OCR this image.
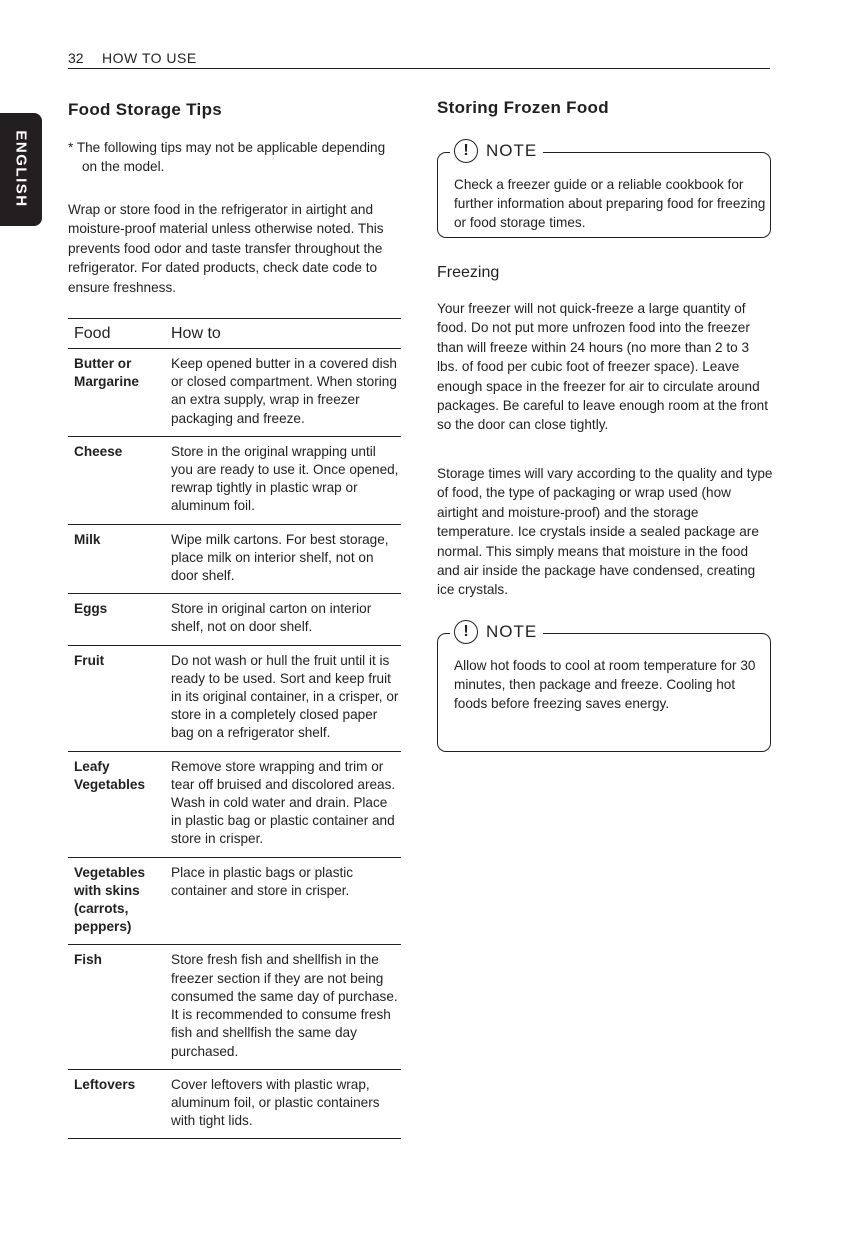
32 HOW TO USE
ENGLISH
Food Storage Tips

* The following tips may not be applicable depending on the model.

Wrap or store food in the refrigerator in airtight and moisture-proof material unless otherwise noted. This prevents food odor and taste transfer throughout the refrigerator. For dated products, check date code to ensure freshness.

Food	How to
Butter or Margarine	Keep opened butter in a covered dish or closed compartment. When storing an extra supply, wrap in freezer packaging and freeze.
Cheese	Store in the original wrapping until you are ready to use it. Once opened, rewrap tightly in plastic wrap or aluminum foil.
Milk	Wipe milk cartons. For best storage, place milk on interior shelf, not on door shelf.
Eggs	Store in original carton on interior shelf, not on door shelf.
Fruit	Do not wash or hull the fruit until it is ready to be used. Sort and keep fruit in its original container, in a crisper, or store in a completely closed paper bag on a refrigerator shelf.
Leafy Vegetables	Remove store wrapping and trim or tear off bruised and discolored areas. Wash in cold water and drain. Place in plastic bag or plastic container and store in crisper.
Vegetables with skins (carrots, peppers)	Place in plastic bags or plastic container and store in crisper.
Fish	Store fresh fish and shellfish in the freezer section if they are not being consumed the same day of purchase. It is recommended to consume fresh fish and shellfish the same day purchased.
Leftovers	Cover leftovers with plastic wrap, aluminum foil, or plastic containers with tight lids.
Storing Frozen Food
!	NOTE

Check a freezer guide or a reliable cookbook for further information about preparing food for freezing or food storage times.

Freezing

Your freezer will not quick-freeze a large quantity of food. Do not put more unfrozen food into the freezer than will freeze within 24 hours (no more than 2 to 3 lbs. of food per cubic foot of freezer space). Leave enough space in the freezer for air to circulate around packages. Be careful to leave enough room at the front so the door can close tightly.

Storage times will vary according to the quality and type of food, the type of packaging or wrap used (how airtight and moisture-proof) and the storage temperature. Ice crystals inside a sealed package are normal. This simply means that moisture in the food and air inside the package have condensed, creating ice crystals.

!	NOTE

Allow hot foods to cool at room temperature for 30 minutes, then package and freeze. Cooling hot foods before freezing saves energy.
